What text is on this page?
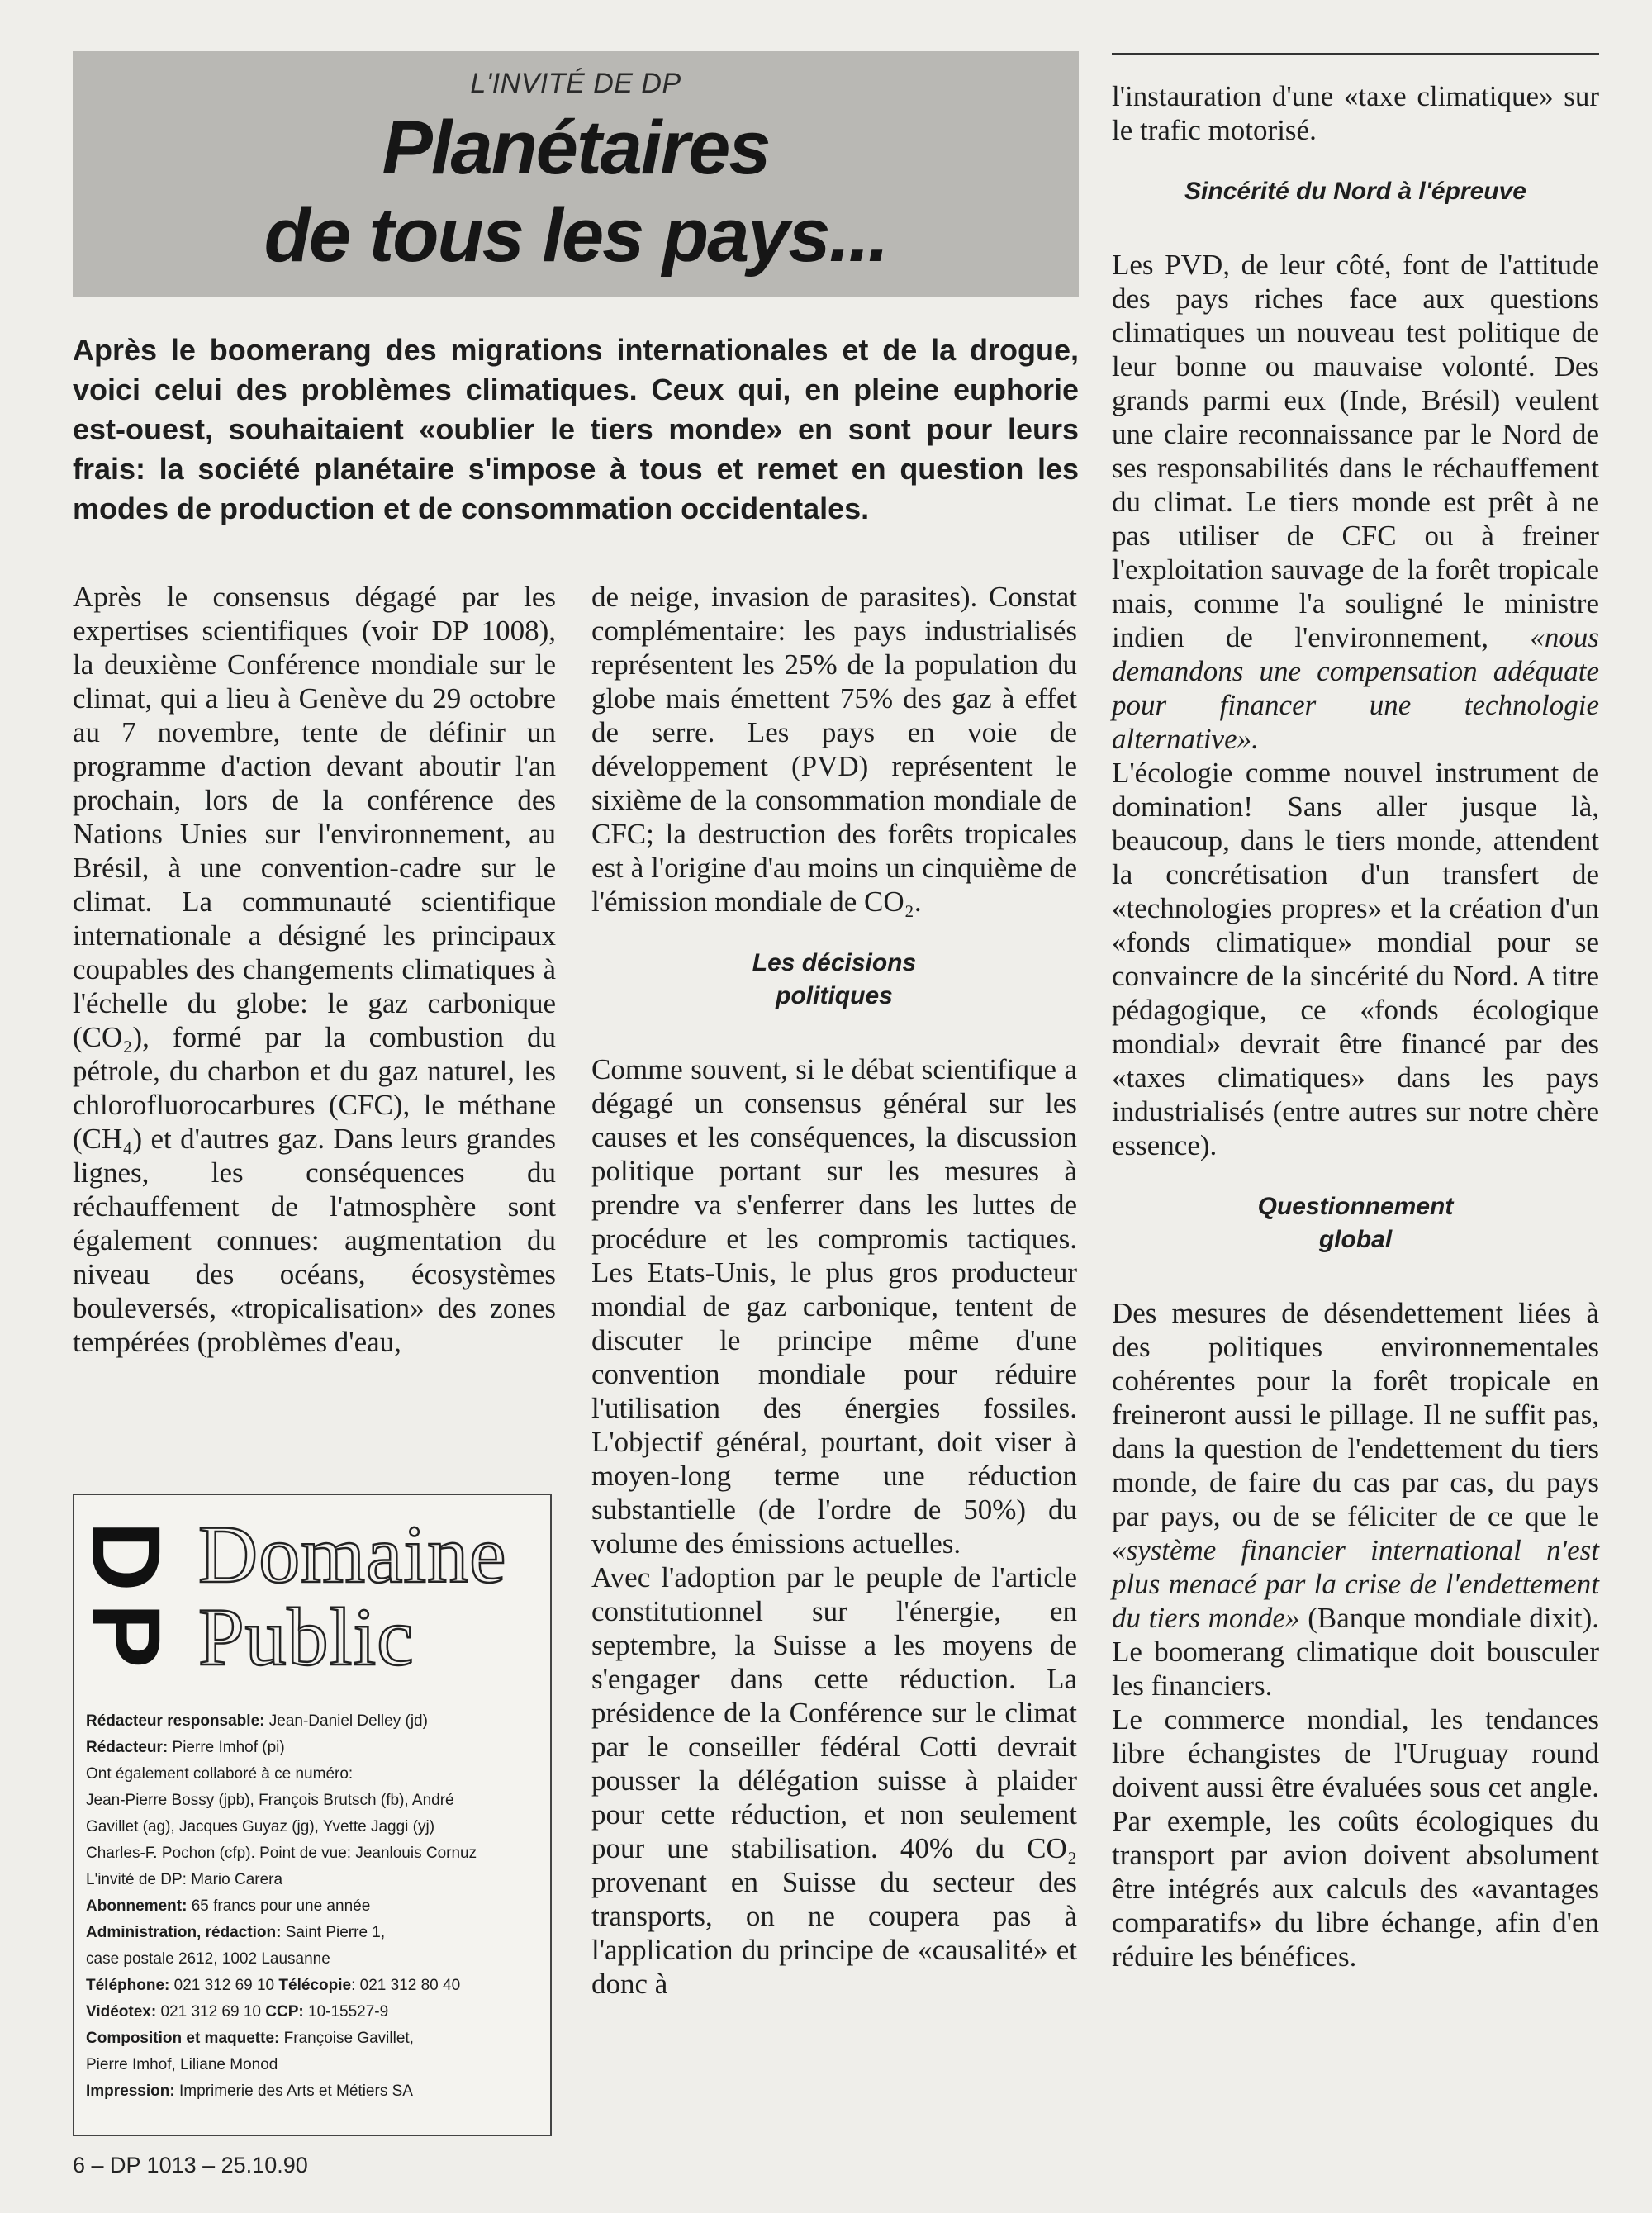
L'INVITÉ DE DP
Planétaires
de tous les pays...

Après le boomerang des migrations internationales et de la drogue, voici celui des problèmes climatiques. Ceux qui, en pleine euphorie est-ouest, souhaitaient «oublier le tiers monde» en sont pour leurs frais: la société planétaire s'impose à tous et remet en question les modes de production et de consommation occidentales.

Après le consensus dégagé par les expertises scientifiques (voir DP 1008), la deuxième Conférence mondiale sur le climat, qui a lieu à Genève du 29 octobre au 7 novembre, tente de définir un programme d'action devant aboutir l'an prochain, lors de la conférence des Nations Unies sur l'environnement, au Brésil, à une convention-cadre sur le climat. La communauté scientifique internationale a désigné les principaux coupables des changements climatiques à l'échelle du globe: le gaz carbonique (CO₂), formé par la combustion du pétrole, du charbon et du gaz naturel, les chlorofluorocarbures (CFC), le méthane (CH₄) et d'autres gaz. Dans leurs grandes lignes, les conséquences du réchauffement de l'atmosphère sont également connues: augmentation du niveau des océans, écosystèmes bouleversés, «tropicalisation» des zones tempérées (problèmes d'eau,

de neige, invasion de parasites). Constat complémentaire: les pays industrialisés représentent les 25% de la population du globe mais émettent 75% des gaz à effet de serre. Les pays en voie de développement (PVD) représentent le sixième de la consommation mondiale de CFC; la destruction des forêts tropicales est à l'origine d'au moins un cinquième de l'émission mondiale de CO₂.

Les décisions
politiques

Comme souvent, si le débat scientifique a dégagé un consensus général sur les causes et les conséquences, la discussion politique portant sur les mesures à prendre va s'enferrer dans les luttes de procédure et les compromis tactiques. Les Etats-Unis, le plus gros producteur mondial de gaz carbonique, tentent de discuter le principe même d'une convention mondiale pour réduire l'utilisation des énergies fossiles. L'objectif général, pourtant, doit viser à moyen-long terme une réduction substantielle (de l'ordre de 50%) du volume des émissions actuelles.

Avec l'adoption par le peuple de l'article constitutionnel sur l'énergie, en septembre, la Suisse a les moyens de s'engager dans cette réduction. La présidence de la Conférence sur le climat par le conseiller fédéral Cotti devrait pousser la délégation suisse à plaider pour cette réduction, et non seulement pour une stabilisation. 40% du CO₂ provenant en Suisse du secteur des transports, on ne coupera pas à l'application du principe de «causalité» et donc à

l'instauration d'une «taxe climatique» sur le trafic motorisé.

Sincérité du Nord à l'épreuve

Les PVD, de leur côté, font de l'attitude des pays riches face aux questions climatiques un nouveau test politique de leur bonne ou mauvaise volonté. Des grands parmi eux (Inde, Brésil) veulent une claire reconnaissance par le Nord de ses responsabilités dans le réchauffement du climat. Le tiers monde est prêt à ne pas utiliser de CFC ou à freiner l'exploitation sauvage de la forêt tropicale mais, comme l'a souligné le ministre indien de l'environnement, «nous demandons une compensation adéquate pour financer une technologie alternative».

L'écologie comme nouvel instrument de domination! Sans aller jusque là, beaucoup, dans le tiers monde, attendent la concrétisation d'un transfert de «technologies propres» et la création d'un «fonds climatique» mondial pour se convaincre de la sincérité du Nord. A titre pédagogique, ce «fonds écologique mondial» devrait être financé par des «taxes climatiques» dans les pays industrialisés (entre autres sur notre chère essence).

Questionnement
global

Des mesures de désendettement liées à des politiques environnementales cohérentes pour la forêt tropicale en freineront aussi le pillage. Il ne suffit pas, dans la question de l'endettement du tiers monde, de faire du cas par cas, du pays par pays, ou de se féliciter de ce que le «système financier international n'est plus menacé par la crise de l'endettement du tiers monde» (Banque mondiale dixit). Le boomerang climatique doit bousculer les financiers.

Le commerce mondial, les tendances libre échangistes de l'Uruguay round doivent aussi être évaluées sous cet angle. Par exemple, les coûts écologiques du transport par avion doivent absolument être intégrés aux calculs des «avantages comparatifs» du libre échange, afin d'en réduire les bénéfices.

D
P
Domaine
Public
Rédacteur responsable: Jean-Daniel Delley (jd)
Rédacteur: Pierre Imhof (pi)
Ont également collaboré à ce numéro:
Jean-Pierre Bossy (jpb), François Brutsch (fb), André
Gavillet (ag), Jacques Guyaz (jg), Yvette Jaggi (yj)
Charles-F. Pochon (cfp). Point de vue: Jeanlouis Cornuz
L'invité de DP: Mario Carera
Abonnement: 65 francs pour une année
Administration, rédaction: Saint Pierre 1,
case postale 2612, 1002 Lausanne
Téléphone: 021 312 69 10 Télécopie: 021 312 80 40
Vidéotex: 021 312 69 10 CCP: 10-15527-9
Composition et maquette: Françoise Gavillet,
Pierre Imhof, Liliane Monod
Impression: Imprimerie des Arts et Métiers SA
6 – DP 1013 – 25.10.90
